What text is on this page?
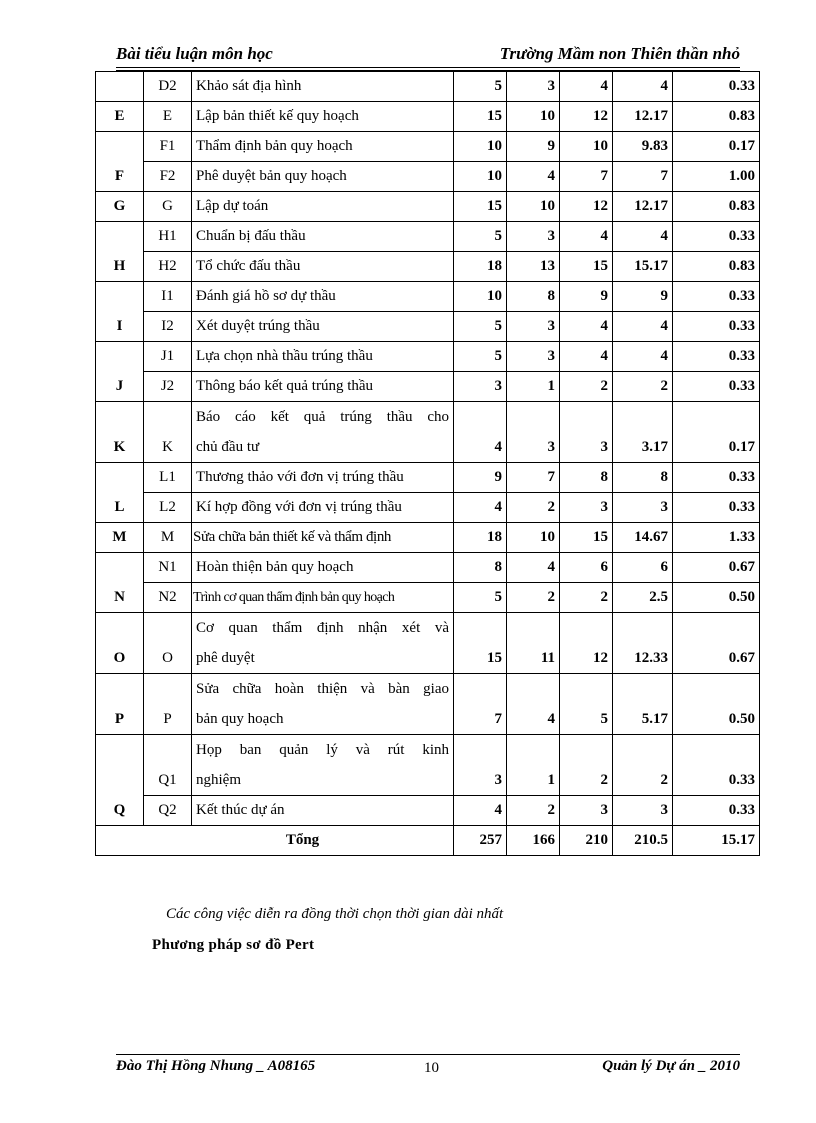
Bài tiểu luận môn học	Trường Mầm non Thiên thần nhỏ
	D2	Khảo sát địa hình	5	3	4	4	0.33
E	E	Lập bản thiết kế quy hoạch	15	10	12	12.17	0.83
F	F1	Thẩm định bản quy hoạch	10	9	10	9.83	0.17
	F2	Phê duyệt bản quy hoạch	10	4	7	7	1.00
G	G	Lập dự toán	15	10	12	12.17	0.83
H	H1	Chuẩn bị đấu thầu	5	3	4	4	0.33
	H2	Tổ chức đấu thầu	18	13	15	15.17	0.83
I	I1	Đánh giá hồ sơ dự thầu	10	8	9	9	0.33
	I2	Xét duyệt trúng thầu	5	3	4	4	0.33
J	J1	Lựa chọn nhà thầu trúng thầu	5	3	4	4	0.33
	J2	Thông báo kết quả trúng thầu	3	1	2	2	0.33
K	K	Báo cáo kết quả trúng thầu cho
chủ đầu tư	4	3	3	3.17	0.17
L	L1	Thương thảo với đơn vị trúng thầu	9	7	8	8	0.33
	L2	Kí hợp đồng với đơn vị trúng thầu	4	2	3	3	0.33
M	M	Sửa chữa bản thiết kế và thẩm định	18	10	15	14.67	1.33
N	N1	Hoàn thiện bản quy hoạch	8	4	6	6	0.67
	N2	Trình cơ quan thẩm định bản quy hoạch	5	2	2	2.5	0.50
O	O	Cơ quan thẩm định nhận xét và
phê duyệt	15	11	12	12.33	0.67
P	P	Sửa chữa hoàn thiện và bàn giao
bản quy hoạch	7	4	5	5.17	0.50
Q	Q1	Họp ban quản lý và rút kinh
nghiệm	3	1	2	2	0.33
	Q2	Kết thúc dự án	4	2	3	3	0.33
Tổng			257	166	210	210.5	15.17
Các công việc diễn ra đồng thời chọn thời gian dài nhất
Phương pháp sơ đồ Pert
Đào Thị Hồng Nhung _ A08165	10	Quản lý Dự án _ 2010
